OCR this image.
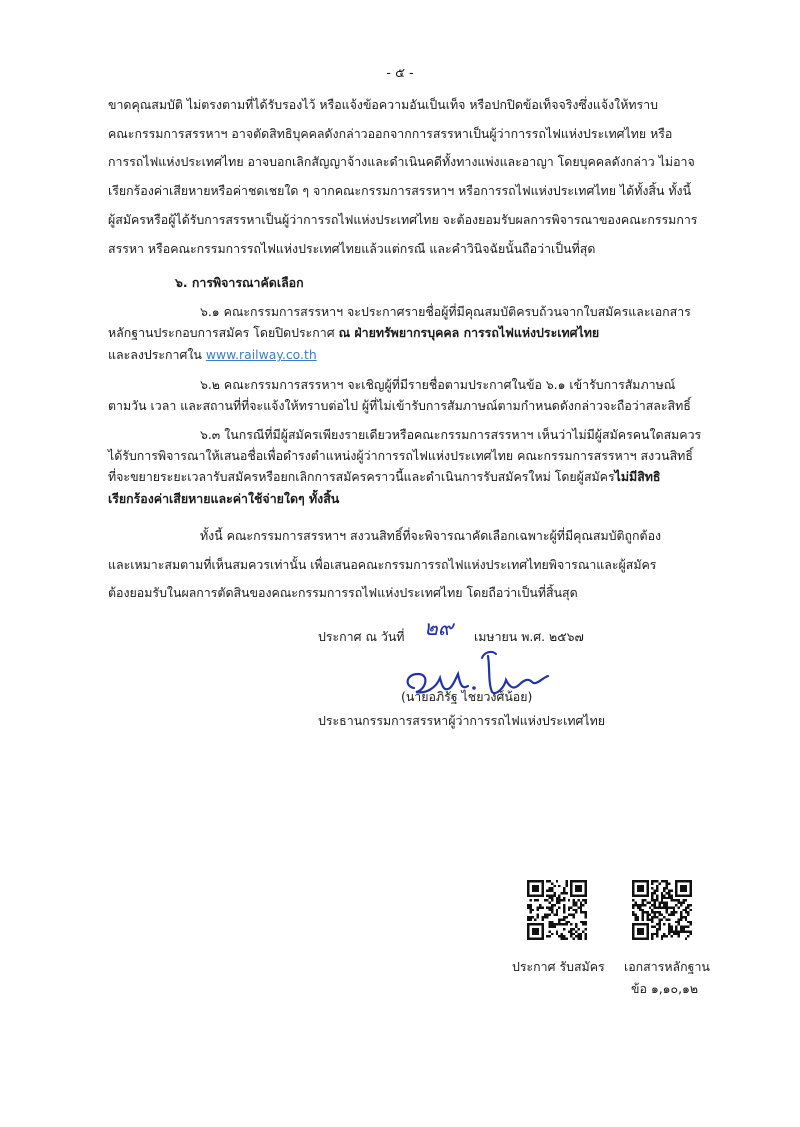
- ๕ -
ขาดคุณสมบัติ ไม่ตรงตามที่ได้รับรองไว้ หรือแจ้งข้อความอันเป็นเท็จ หรือปกปิดข้อเท็จจริงซึ่งแจ้งให้ทราบ
คณะกรรมการสรรหาฯ อาจตัดสิทธิบุคคลดังกล่าวออกจากการสรรหาเป็นผู้ว่าการรถไฟแห่งประเทศไทย หรือ
การรถไฟแห่งประเทศไทย อาจบอกเลิกสัญญาจ้างและดำเนินคดีทั้งทางแพ่งและอาญา โดยบุคคลดังกล่าว ไม่อาจ
เรียกร้องค่าเสียหายหรือค่าชดเชยใด ๆ จากคณะกรรมการสรรหาฯ หรือการรถไฟแห่งประเทศไทย ได้ทั้งสิ้น ทั้งนี้
ผู้สมัครหรือผู้ได้รับการสรรหาเป็นผู้ว่าการรถไฟแห่งประเทศไทย จะต้องยอมรับผลการพิจารณาของคณะกรรมการ
สรรหา หรือคณะกรรมการรถไฟแห่งประเทศไทยแล้วแต่กรณี และคำวินิจฉัยนั้นถือว่าเป็นที่สุด
๖. การพิจารณาคัดเลือก
๖.๑ คณะกรรมการสรรหาฯ จะประกาศรายชื่อผู้ที่มีคุณสมบัติครบถ้วนจากใบสมัครและเอกสาร
หลักฐานประกอบการสมัคร โดยปิดประกาศ ณ ฝ่ายทรัพยากรบุคคล การรถไฟแห่งประเทศไทย
และลงประกาศใน www.railway.co.th
๖.๒ คณะกรรมการสรรหาฯ จะเชิญผู้ที่มีรายชื่อตามประกาศในข้อ ๖.๑ เข้ารับการสัมภาษณ์
ตามวัน เวลา และสถานที่ที่จะแจ้งให้ทราบต่อไป ผู้ที่ไม่เข้ารับการสัมภาษณ์ตามกำหนดดังกล่าวจะถือว่าสละสิทธิ์
๖.๓ ในกรณีที่มีผู้สมัครเพียงรายเดียวหรือคณะกรรมการสรรหาฯ เห็นว่าไม่มีผู้สมัครคนใดสมควร
ได้รับการพิจารณาให้เสนอชื่อเพื่อดำรงตำแหน่งผู้ว่าการรถไฟแห่งประเทศไทย คณะกรรมการสรรหาฯ สงวนสิทธิ์
ที่จะขยายระยะเวลารับสมัครหรือยกเลิกการสมัครคราวนี้และดำเนินการรับสมัครใหม่ โดยผู้สมัครไม่มีสิทธิ
เรียกร้องค่าเสียหายและค่าใช้จ่ายใดๆ ทั้งสิ้น
ทั้งนี้ คณะกรรมการสรรหาฯ สงวนสิทธิ์ที่จะพิจารณาคัดเลือกเฉพาะผู้ที่มีคุณสมบัติถูกต้อง
และเหมาะสมตามที่เห็นสมควรเท่านั้น เพื่อเสนอคณะกรรมการรถไฟแห่งประเทศไทยพิจารณาและผู้สมัคร
ต้องยอมรับในผลการตัดสินของคณะกรรมการรถไฟแห่งประเทศไทย โดยถือว่าเป็นที่สิ้นสุด
ประกาศ ณ วันที่ ๒๙ เมษายน พ.ศ. ๒๕๖๗
(นายอภิรัฐ ไชยวงศ์น้อย)
ประธานกรรมการสรรหาผู้ว่าการรถไฟแห่งประเทศไทย
ประกาศ รับสมัคร เอกสารหลักฐาน
ข้อ ๑,๑๐,๑๒
